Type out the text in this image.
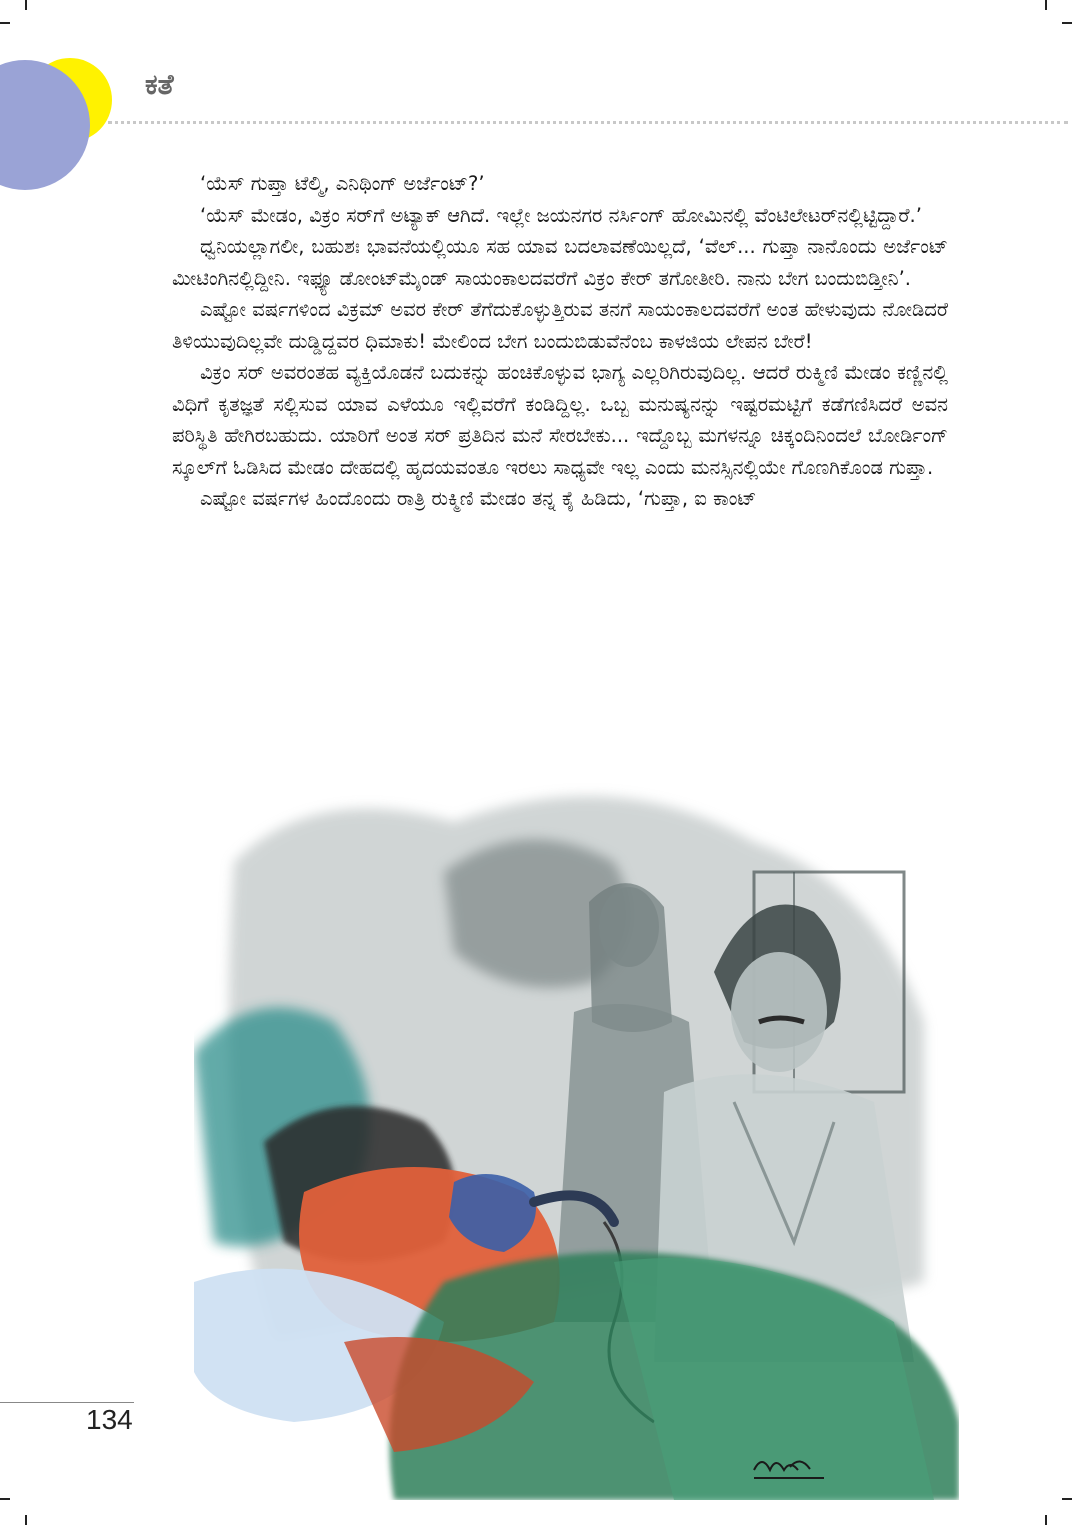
ಕತೆ

‘ಯೆಸ್ ಗುಪ್ತಾ ಟೆಲ್ಮಿ, ಎನಿಥಿಂಗ್ ಅರ್ಜೆಂಟ್?’

‘ಯೆಸ್ ಮೇಡಂ, ವಿಕ್ರಂ ಸರ್‌ಗೆ ಅಟ್ಯಾಕ್ ಆಗಿದೆ. ಇಲ್ಲೇ ಜಯನಗರ ನರ್ಸಿಂಗ್ ಹೋಮಿನಲ್ಲಿ ವೆಂಟಿಲೇಟರ್‌ನಲ್ಲಿಟ್ಟಿದ್ದಾರೆ.’

ಧ್ವನಿಯಲ್ಲಾಗಲೀ, ಬಹುಶಃ ಭಾವನೆಯಲ್ಲಿಯೂ ಸಹ ಯಾವ ಬದಲಾವಣೆಯಿಲ್ಲದೆ, ‘ವೆಲ್... ಗುಪ್ತಾ ನಾನೊಂದು ಅರ್ಜೆಂಟ್ ಮೀಟಿಂಗಿನಲ್ಲಿದ್ದೀನಿ. ಇಫ್ಯೂ ಡೋಂಟ್‌ಮೈಂಡ್ ಸಾಯಂಕಾಲದವರೆಗೆ ವಿಕ್ರಂ ಕೇರ್ ತಗೋತೀರಿ. ನಾನು ಬೇಗ ಬಂದುಬಿಡ್ತೀನಿ’.

ಎಷ್ಟೋ ವರ್ಷಗಳಿಂದ ವಿಕ್ರಮ್ ಅವರ ಕೇರ್ ತೆಗೆದುಕೊಳ್ಳುತ್ತಿರುವ ತನಗೆ ಸಾಯಂಕಾಲದವರೆಗೆ ಅಂತ ಹೇಳುವುದು ನೋಡಿದರೆ ತಿಳಿಯುವುದಿಲ್ಲವೇ ದುಡ್ಡಿದ್ದವರ ಧಿಮಾಕು! ಮೇಲಿಂದ ಬೇಗ ಬಂದುಬಿಡುವೆನೆಂಬ ಕಾಳಜಿಯ ಲೇಪನ ಬೇರೆ!

ವಿಕ್ರಂ ಸರ್ ಅವರಂತಹ ವ್ಯಕ್ತಿಯೊಡನೆ ಬದುಕನ್ನು ಹಂಚಿಕೊಳ್ಳುವ ಭಾಗ್ಯ ಎಲ್ಲರಿಗಿರುವುದಿಲ್ಲ. ಆದರೆ ರುಕ್ಮಿಣಿ ಮೇಡಂ ಕಣ್ಣಿನಲ್ಲಿ ವಿಧಿಗೆ ಕೃತಜ್ಞತೆ ಸಲ್ಲಿಸುವ ಯಾವ ಎಳೆಯೂ ಇಲ್ಲಿವರೆಗೆ ಕಂಡಿದ್ದಿಲ್ಲ. ಒಬ್ಬ ಮನುಷ್ಯನನ್ನು ಇಷ್ಟರಮಟ್ಟಿಗೆ ಕಡೆಗಣಿಸಿದರೆ ಅವನ ಪರಿಸ್ಥಿತಿ ಹೇಗಿರಬಹುದು. ಯಾರಿಗೆ ಅಂತ ಸರ್ ಪ್ರತಿದಿನ ಮನೆ ಸೇರಬೇಕು... ಇದ್ದೊಬ್ಬ ಮಗಳನ್ನೂ ಚಿಕ್ಕಂದಿನಿಂದಲೆ ಬೋರ್ಡಿಂಗ್ ಸ್ಕೂಲ್‌ಗೆ ಓಡಿಸಿದ ಮೇಡಂ ದೇಹದಲ್ಲಿ ಹೃದಯವಂತೂ ಇರಲು ಸಾಧ್ಯವೇ ಇಲ್ಲ ಎಂದು ಮನಸ್ಸಿನಲ್ಲಿಯೇ ಗೊಣಗಿಕೊಂಡ ಗುಪ್ತಾ.

ಎಷ್ಟೋ ವರ್ಷಗಳ ಹಿಂದೊಂದು ರಾತ್ರಿ ರುಕ್ಮಿಣಿ ಮೇಡಂ ತನ್ನ ಕೈ ಹಿಡಿದು, ‘ಗುಪ್ತಾ, ಐ ಕಾಂಟ್

134
